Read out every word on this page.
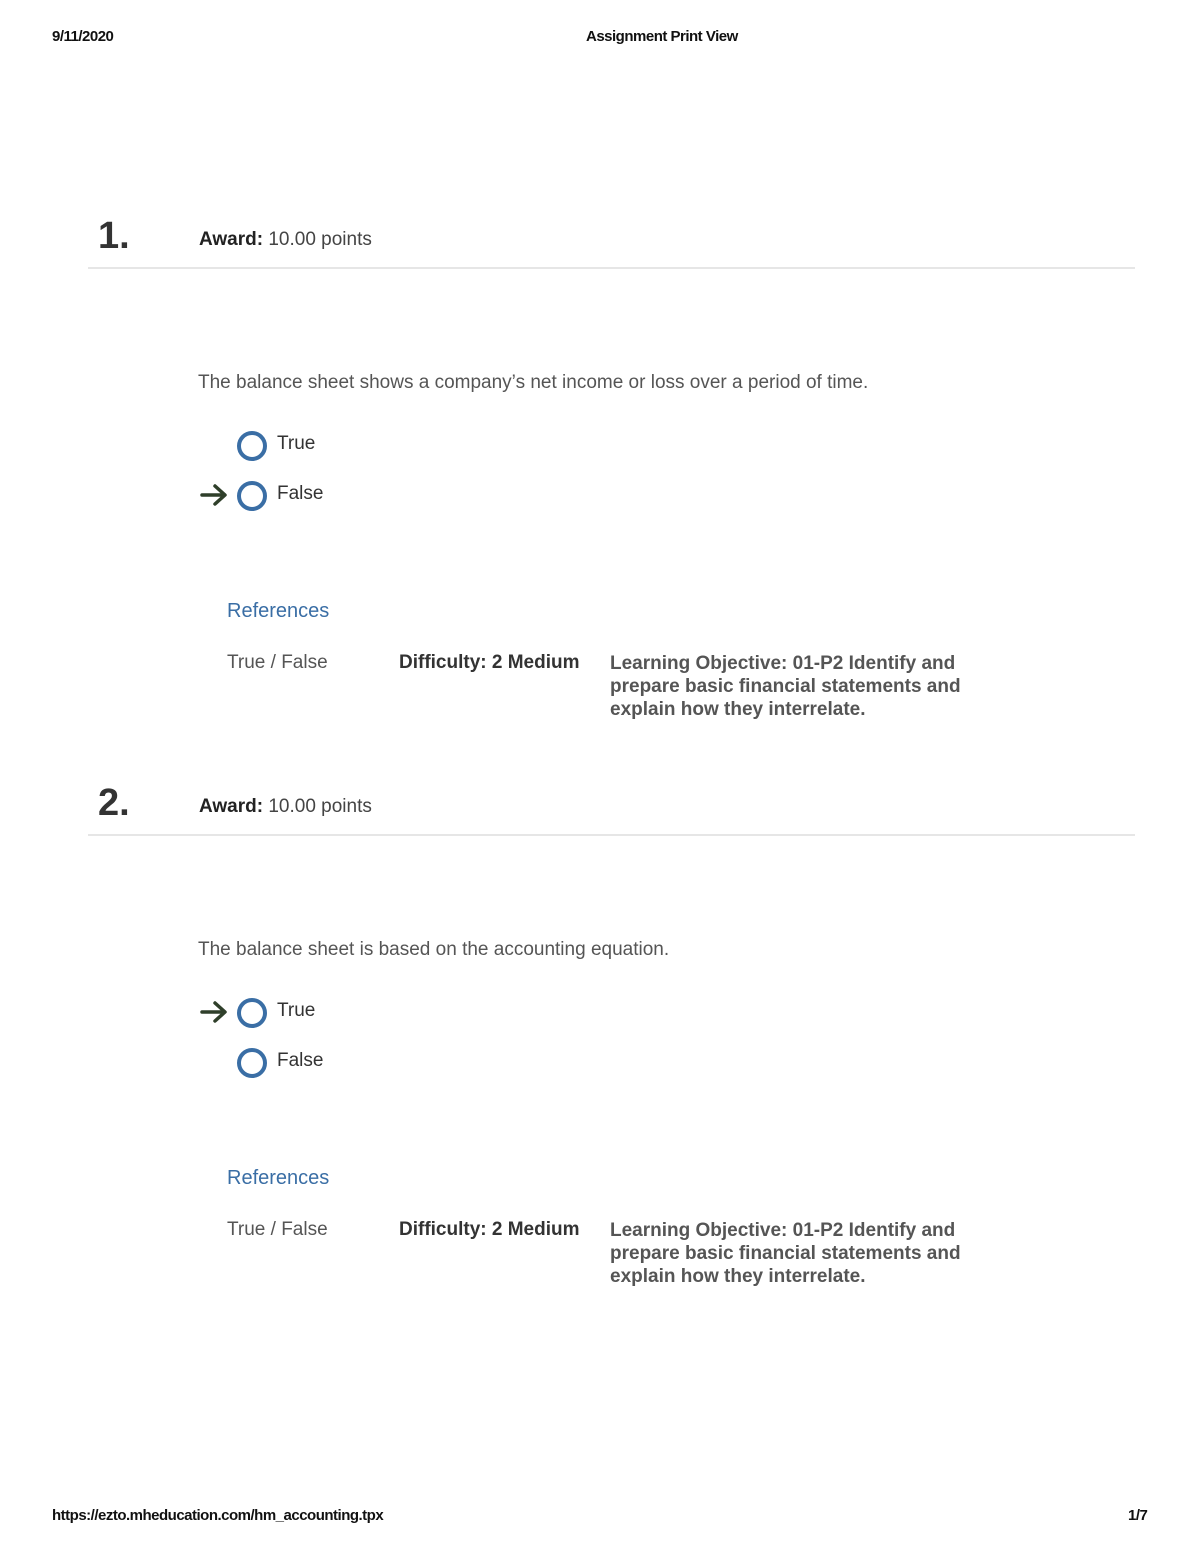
9/11/2020	Assignment Print View
1.	Award: 10.00 points
The balance sheet shows a company’s net income or loss over a period of time.
True
False
References
True / False	Difficulty: 2 Medium Learning Objective: 01-P2 Identify and prepare basic financial statements and explain how they interrelate.
2.	Award: 10.00 points
The balance sheet is based on the accounting equation.
True
False
References
True / False	Difficulty: 2 Medium Learning Objective: 01-P2 Identify and prepare basic financial statements and explain how they interrelate.
https://ezto.mheducation.com/hm_accounting.tpx	1/7
